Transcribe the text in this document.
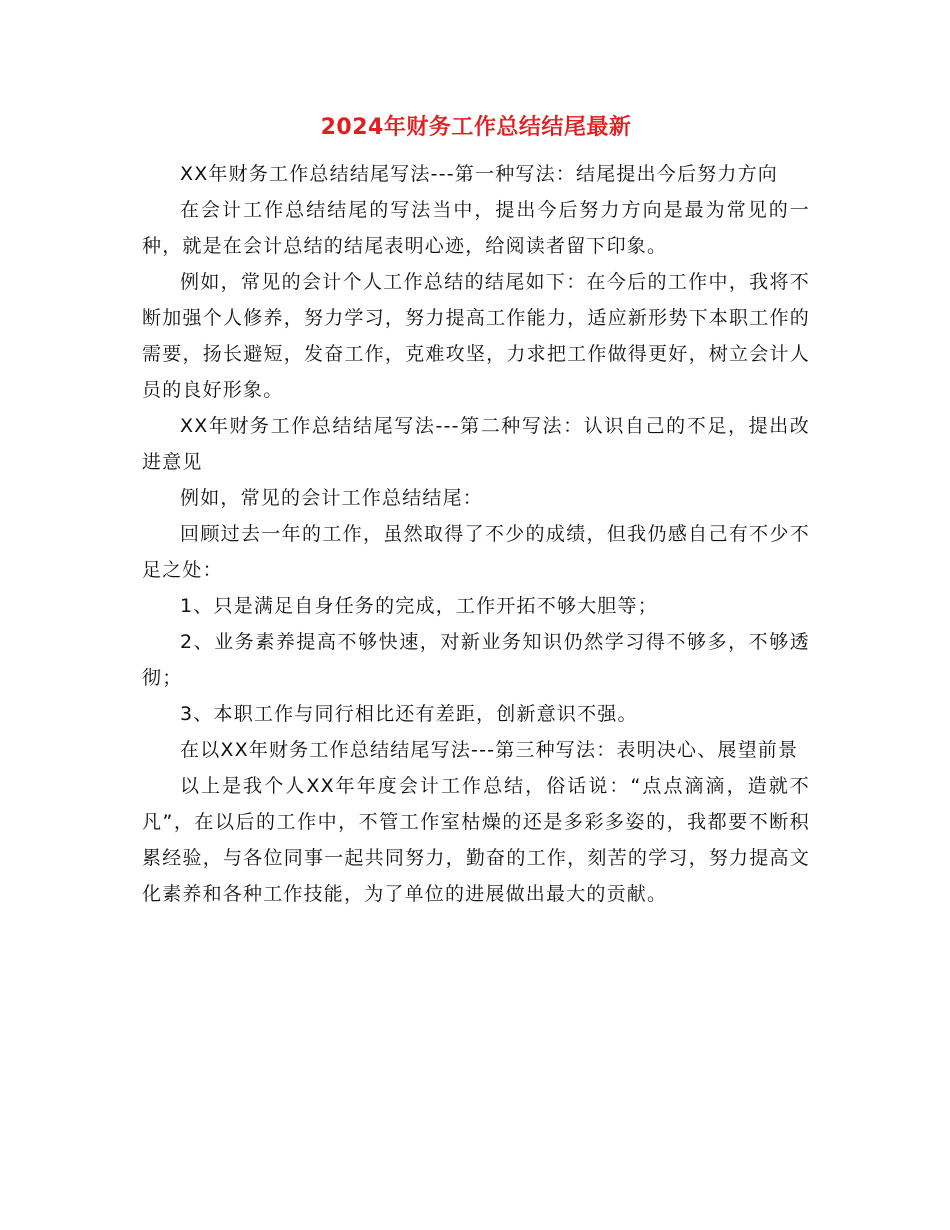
2024年财务工作总结结尾最新

XX年财务工作总结结尾写法---第一种写法：结尾提出今后努力方向

在会计工作总结结尾的写法当中，提出今后努力方向是最为常见的一种，就是在会计总结的结尾表明心迹，给阅读者留下印象。

例如，常见的会计个人工作总结的结尾如下：在今后的工作中，我将不断加强个人修养，努力学习，努力提高工作能力，适应新形势下本职工作的需要，扬长避短，发奋工作，克难攻坚，力求把工作做得更好，树立会计人员的良好形象。

XX年财务工作总结结尾写法---第二种写法：认识自己的不足，提出改进意见

例如，常见的会计工作总结结尾：

回顾过去一年的工作，虽然取得了不少的成绩，但我仍感自己有不少不足之处：

1、只是满足自身任务的完成，工作开拓不够大胆等；

2、业务素养提高不够快速，对新业务知识仍然学习得不够多，不够透彻；

3、本职工作与同行相比还有差距，创新意识不强。

在以XX年财务工作总结结尾写法---第三种写法：表明决心、展望前景

以上是我个人XX年年度会计工作总结，俗话说：“点点滴滴，造就不凡”，在以后的工作中，不管工作室枯燥的还是多彩多姿的，我都要不断积累经验，与各位同事一起共同努力，勤奋的工作，刻苦的学习，努力提高文化素养和各种工作技能，为了单位的进展做出最大的贡献。
